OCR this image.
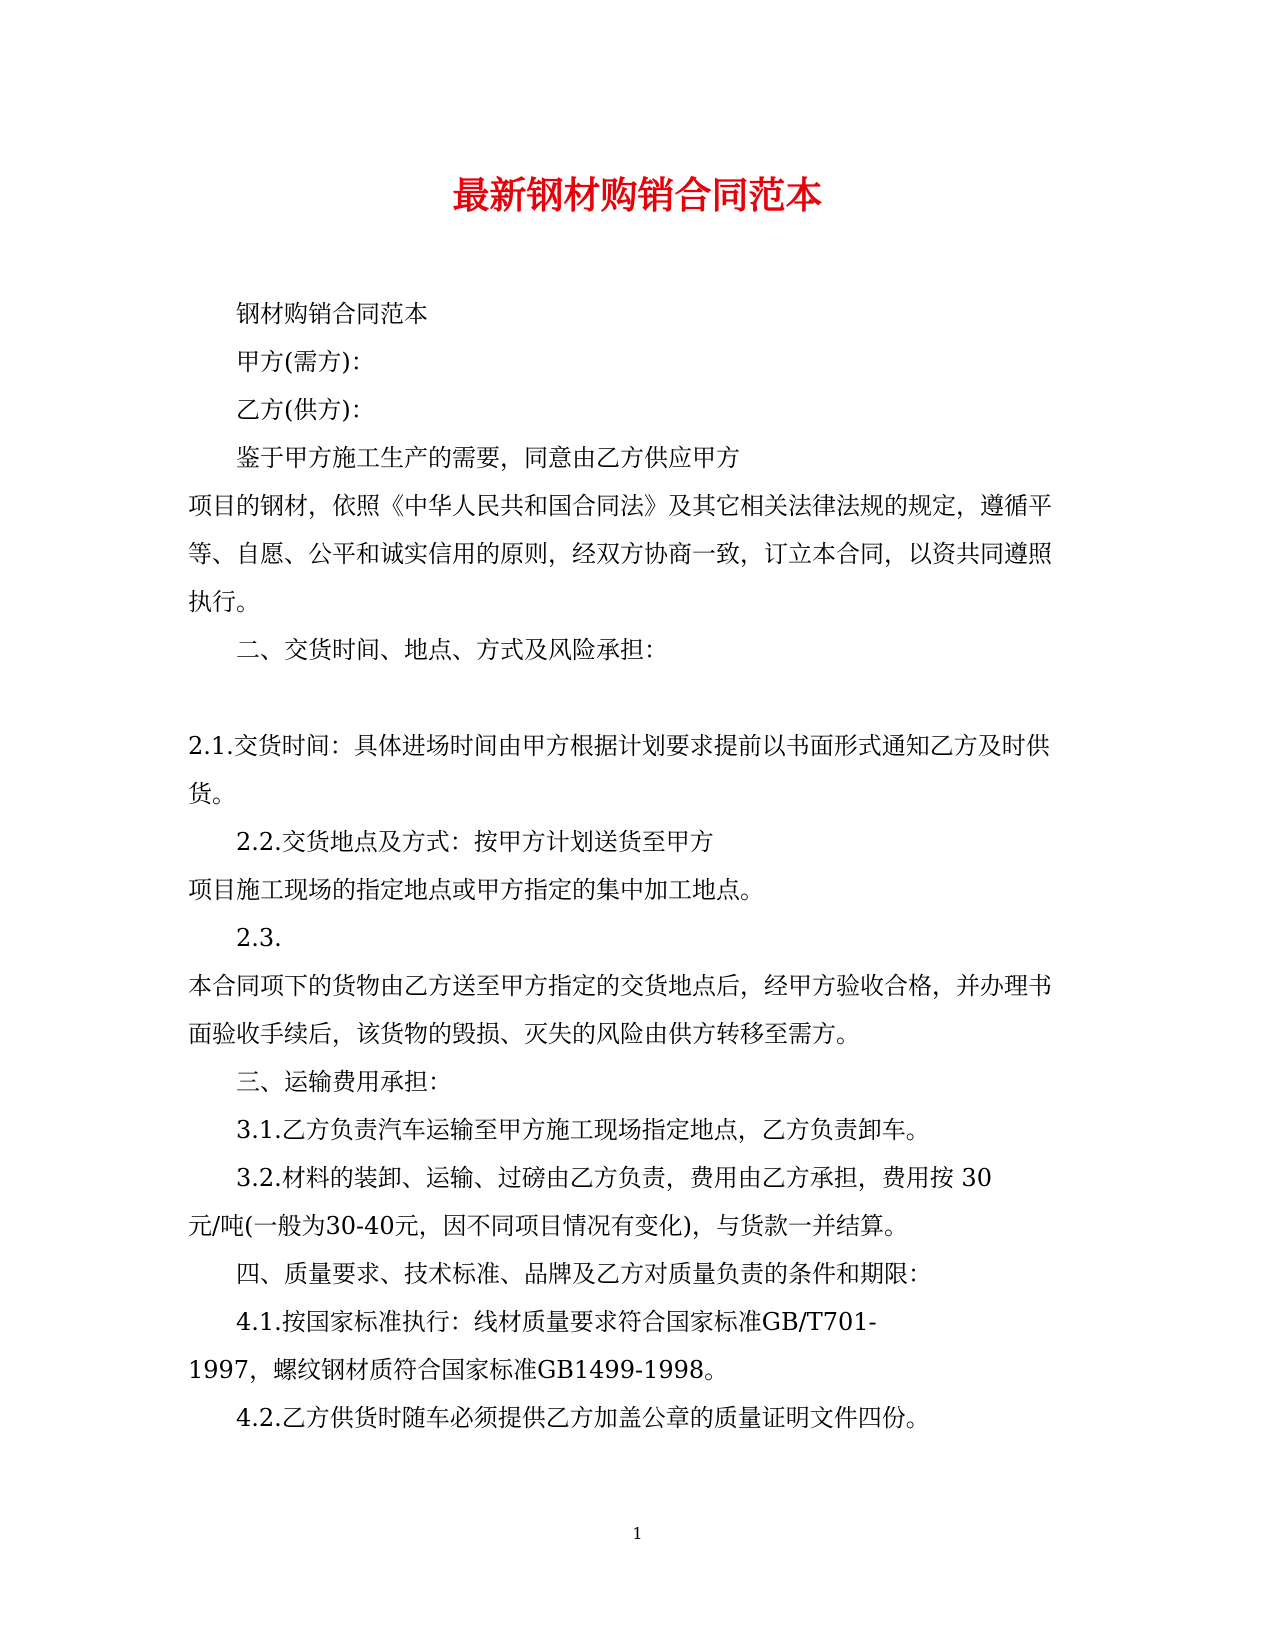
最新钢材购销合同范本

钢材购销合同范本

甲方(需方)：

乙方(供方)：

鉴于甲方施工生产的需要，同意由乙方供应甲方

项目的钢材，依照《中华人民共和国合同法》及其它相关法律法规的规定，遵循平

等、自愿、公平和诚实信用的原则，经双方协商一致，订立本合同，以资共同遵照

执行。

二、交货时间、地点、方式及风险承担：

2.1.交货时间：具体进场时间由甲方根据计划要求提前以书面形式通知乙方及时供

货。

2.2.交货地点及方式：按甲方计划送货至甲方

项目施工现场的指定地点或甲方指定的集中加工地点。

2.3.

本合同项下的货物由乙方送至甲方指定的交货地点后，经甲方验收合格，并办理书

面验收手续后，该货物的毁损、灭失的风险由供方转移至需方。

三、运输费用承担：

3.1.乙方负责汽车运输至甲方施工现场指定地点，乙方负责卸车。

3.2.材料的装卸、运输、过磅由乙方负责，费用由乙方承担，费用按 30

元/吨(一般为30-40元，因不同项目情况有变化)，与货款一并结算。

四、质量要求、技术标准、品牌及乙方对质量负责的条件和期限：

4.1.按国家标准执行：线材质量要求符合国家标准GB/T701-

1997，螺纹钢材质符合国家标准GB1499-1998。

4.2.乙方供货时随车必须提供乙方加盖公章的质量证明文件四份。

1
